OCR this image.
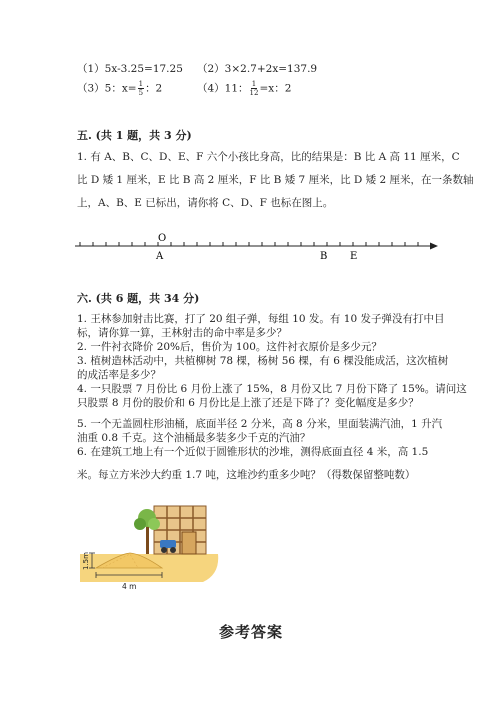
（1）5x-3.25=17.25 （2）3×2.7+2x=137.9
（3）5：$x= \frac{1}{5}$ ：2	（4）11： $\frac{1}{12} =x$：2
五. (共 1 题，共 3 分)
1. 有 A、B、C、D、E、F 六个小孩比身高，比的结果是：B 比 A 高 11 厘米，C
比 D 矮 1 厘米，E 比 B 高 2 厘米，F 比 B 矮 7 厘米，比 D 矮 2 厘米，在一条数轴
上，A、B、E 已标出，请你将 C、D、F 也标在图上。
O
A	B E
六. (共 6 题，共 34 分)
1. 王林参加射击比赛，打了 20 组子弹，每组 10 发。有 10 发子弹没有打中目
标，请你算一算，王林射击的命中率是多少？
2. 一件衬衣降价 20%后，售价为 100。这件衬衣原价是多少元？
3. 植树造林活动中，共植柳树 78 棵，杨树 56 棵，有 6 棵没能成活，这次植树
的成活率是多少？
4. 一只股票 7 月份比 6 月份上涨了 15%，8 月份又比 7 月份下降了 15%。请问这
只股票 8 月份的股价和 6 月份比是上涨了还是下降了？变化幅度是多少？
5. 一个无盖圆柱形油桶，底面半径 2 分米，高 8 分米，里面装满汽油，1 升汽
油重 0.8 千克。这个油桶最多装多少千克的汽油？
6. 在建筑工地上有一个近似于圆锥形状的沙堆，测得底面直径 4 米，高 1.5
米。每立方米沙大约重 1.7 吨，这堆沙约重多少吨？（得数保留整吨数）
1.5m
4 m
参考答案
